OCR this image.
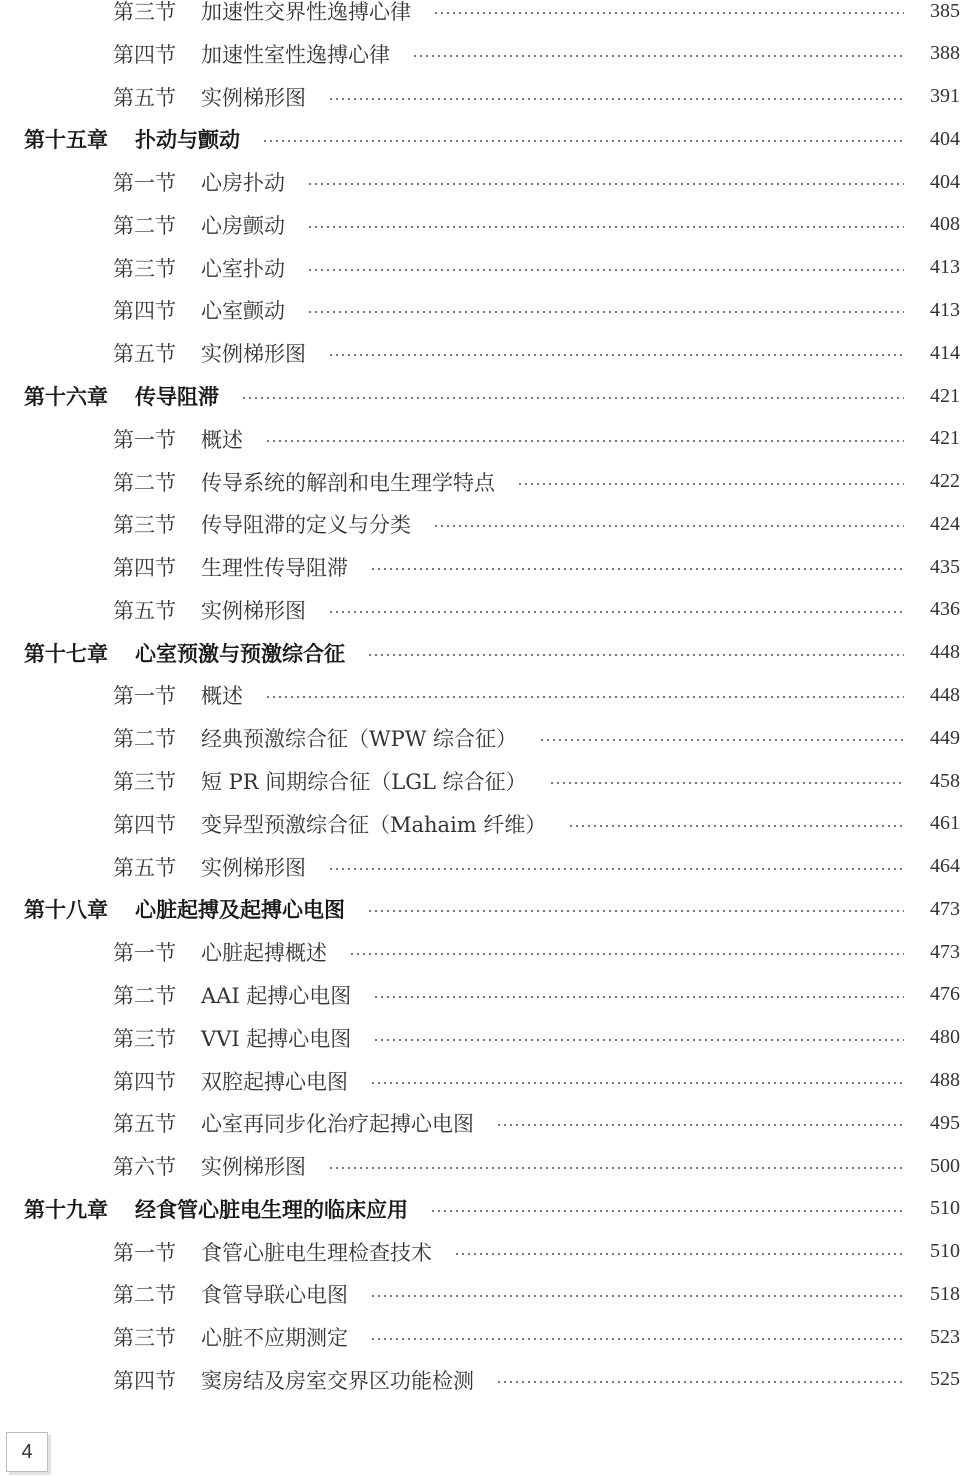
第三节 加速性交界性逸搏心律	385
第四节 加速性室性逸搏心律	388
第五节 实例梯形图	391
第十五章 扑动与颤动	404
第一节 心房扑动	404
第二节 心房颤动	408
第三节 心室扑动	413
第四节 心室颤动	413
第五节 实例梯形图	414
第十六章 传导阻滞	421
第一节 概述	421
第二节 传导系统的解剖和电生理学特点	422
第三节 传导阻滞的定义与分类	424
第四节 生理性传导阻滞	435
第五节 实例梯形图	436
第十七章 心室预激与预激综合征	448
第一节 概述	448
第二节 经典预激综合征（WPW 综合征）	449
第三节 短 PR 间期综合征（LGL 综合征）	458
第四节 变异型预激综合征（Mahaim 纤维）	461
第五节 实例梯形图	464
第十八章 心脏起搏及起搏心电图	473
第一节 心脏起搏概述	473
第二节 AAI 起搏心电图	476
第三节 VVI 起搏心电图	480
第四节 双腔起搏心电图	488
第五节 心室再同步化治疗起搏心电图	495
第六节 实例梯形图	500
第十九章 经食管心脏电生理的临床应用	510
第一节 食管心脏电生理检查技术	510
第二节 食管导联心电图	518
第三节 心脏不应期测定	523
第四节 窦房结及房室交界区功能检测	525
4
